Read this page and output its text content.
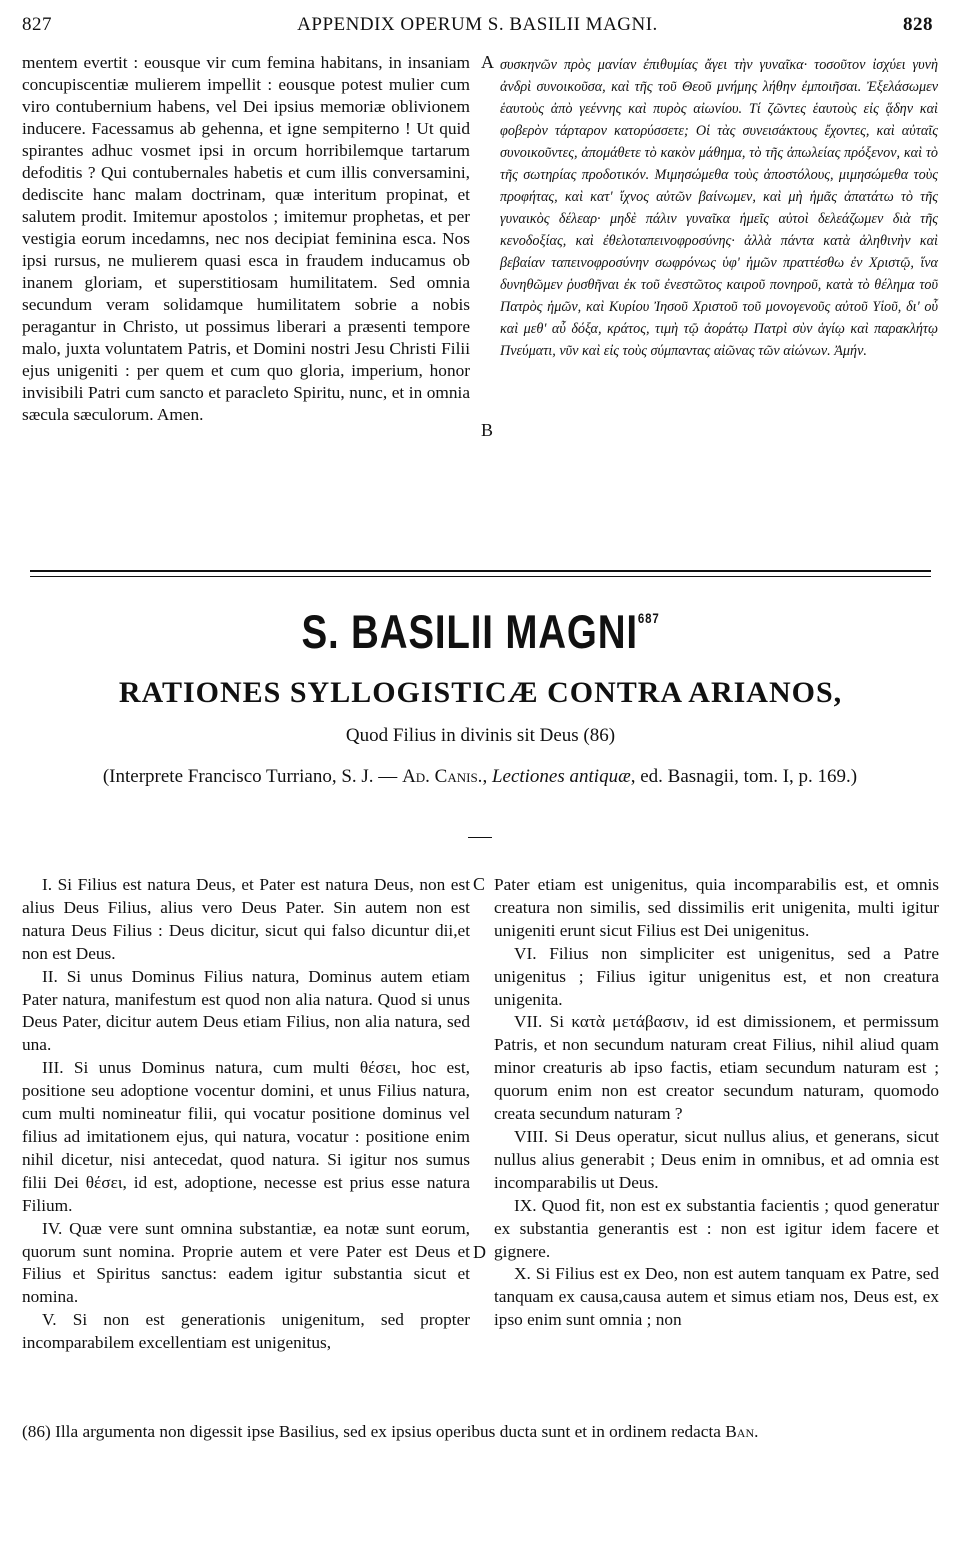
827	APPENDIX OPERUM S. BASILII MAGNI.	828
mentem evertit : eousque vir cum femina habitans, in insaniam concupiscentiæ mulierem impellit : eousque potest mulier cum viro contubernium habens, vel Dei ipsius memoriæ oblivionem inducere. Facessamus ab gehenna, et igne sempiterno ! Ut quid spirantes adhuc vosmet ipsi in orcum horribilemque tartarum defoditis ? Qui contubernales habetis et cum illis conversamini, dediscite hanc malam doctrinam, quæ interitum propinat, et salutem prodit. Imitemur apostolos ; imitemur prophetas, et per vestigia eorum incedamns, nec nos decipiat feminina esca. Nos ipsi rursus, ne mulierem quasi esca in fraudem inducamus ob inanem gloriam, et superstitiosam humilitatem. Sed omnia secundum veram solidamque humilitatem sobrie a nobis peragantur in Christo, ut possimus liberari a præsenti tempore malo, juxta voluntatem Patris, et Domini nostri Jesu Christi Filii ejus unigeniti : per quem et cum quo gloria, imperium, honor invisibili Patri cum sancto et paracleto Spiritu, nunc, et in omnia sæcula sæculorum. Amen.
A
B
συσκηνῶν πρὸς μανίαν ἐπιθυμίας ἄγει τὴν γυναῖκα· τοσοῦτον ἰσχύει γυνὴ ἀνδρὶ συνοικοῦσα, καὶ τῆς τοῦ Θεοῦ μνήμης λήθην ἐμποιῆσαι. Ἐξελάσωμεν ἑαυτοὺς ἀπὸ γεέννης καὶ πυρὸς αἰωνίου. Τί ζῶντες ἑαυτοὺς εἰς ᾅδην καὶ φοβερὸν τάρταρον κατορύσσετε; Οἱ τὰς συνεισάκτους ἔχοντες, καὶ αὐταῖς συνοικοῦντες, ἀπομάθετε τὸ κακὸν μάθημα, τὸ τῆς ἀπωλείας πρόξενον, καὶ τὸ τῆς σωτηρίας προδοτικόν. Μιμησώμεθα τοὺς ἀποστόλους, μιμησώμεθα τοὺς προφήτας, καὶ κατ' ἴχνος αὐτῶν βαίνωμεν, καὶ μὴ ἡμᾶς ἀπατάτω τὸ τῆς γυναικὸς δέλεαρ· μηδὲ πάλιν γυναῖκα ἡμεῖς αὐτοὶ δελεάζωμεν διὰ τῆς κενοδοξίας, καὶ ἐθελοταπεινοφροσύνης· ἀλλὰ πάντα κατὰ ἀληθινὴν καὶ βεβαίαν ταπεινοφροσύνην σωφρόνως ὑφ' ἡμῶν πραττέσθω ἐν Χριστῷ, ἵνα δυνηθῶμεν ῥυσθῆναι ἐκ τοῦ ἐνεστῶτος καιροῦ πονηροῦ, κατὰ τὸ θέλημα τοῦ Πατρὸς ἡμῶν, καὶ Κυρίου Ἰησοῦ Χριστοῦ τοῦ μονογενοῦς αὐτοῦ Υἱοῦ, δι' οὗ καὶ μεθ' αὗ δόξα, κράτος, τιμὴ τῷ ἀοράτῳ Πατρὶ σὺν ἁγίῳ καὶ παρακλήτῳ Πνεύματι, νῦν καὶ εἰς τοὺς σύμπαντας αἰῶνας τῶν αἰώνων. Ἀμήν.
S. BASILII MAGNI$^{687}$
RATIONES SYLLOGISTICÆ CONTRA ARIANOS,
Quod Filius in divinis sit Deus (86)
(Interprete Francisco Turriano, S. J. — Ad. Canis., Lectiones antiquæ, ed. Basnagii, tom. I, p. 169.)

I. Si Filius est natura Deus, et Pater est natura Deus, non est alius Deus Filius, alius vero Deus Pater. Sin autem non est natura Deus Filius : Deus dicitur, sicut qui falso dicuntur dii,et non est Deus.

II. Si unus Dominus Filius natura, Dominus autem etiam Pater natura, manifestum est quod non alia natura. Quod si unus Deus Pater, dicitur autem Deus etiam Filius, non alia natura, sed una.

III. Si unus Dominus natura, cum multi θέσει, hoc est, positione seu adoptione vocentur domini, et unus Filius natura, cum multi nomineatur filii, qui vocatur positione dominus vel filius ad imitationem ejus, qui natura, vocatur : positione enim nihil dicetur, nisi antecedat, quod natura. Si igitur nos sumus filii Dei θέσει, id est, adoptione, necesse est prius esse natura Filium.

IV. Quæ vere sunt omnina substantiæ, ea notæ sunt eorum, quorum sunt nomina. Proprie autem et vere Pater est Deus et Filius et Spiritus sanctus: eadem igitur substantia sicut et nomina.

V. Si non est generationis unigenitum, sed propter incomparabilem excellentiam est unigenitus,

C
D

Pater etiam est unigenitus, quia incomparabilis est, et omnis creatura non similis, sed dissimilis erit unigenita, multi igitur unigeniti erunt sicut Filius est Dei unigenitus.

VI. Filius non simpliciter est unigenitus, sed a Patre unigenitus ; Filius igitur unigenitus est, et non creatura unigenita.

VII. Si κατὰ μετάβασιν, id est dimissionem, et permissum Patris, et non secundum naturam creat Filius, nihil aliud quam minor creaturis ab ipso factis, etiam secundum naturam est ; quorum enim non est creator secundum naturam, quomodo creata secundum naturam ?

VIII. Si Deus operatur, sicut nullus alius, et generans, sicut nullus alius generabit ; Deus enim in omnibus, et ad omnia est incomparabilis ut Deus.

IX. Quod fit, non est ex substantia facientis ; quod generatur ex substantia generantis est : non est igitur idem facere et gignere.

X. Si Filius est ex Deo, non est autem tanquam ex Patre, sed tanquam ex causa,causa autem et simus etiam nos, Deus est, ex ipso enim sunt omnia ; non

(86) Illa argumenta non digessit ipse Basilius, sed ex ipsius operibus ducta sunt et in ordinem redacta Ban.
